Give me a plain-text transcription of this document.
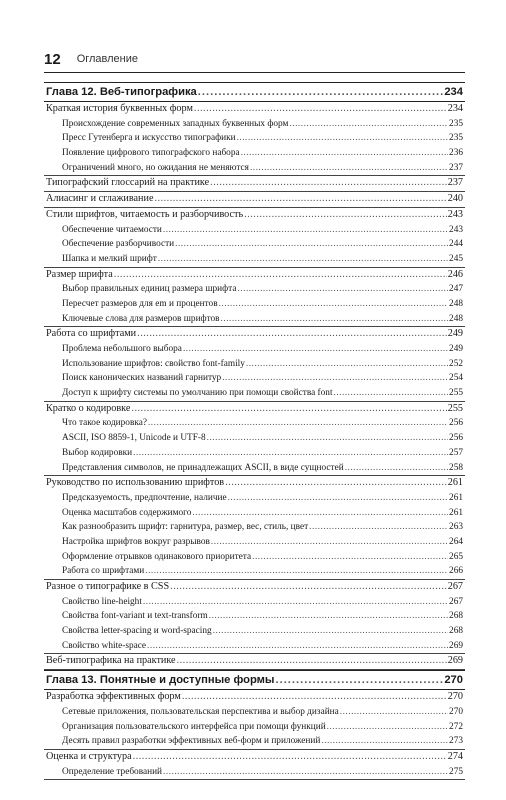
12 Оглавление
Глава 12. Веб-типографика .....	234
Краткая история буквенных форм .....	234
Происхождение современных западных буквенных форм .....	235
Пресс Гутенберга и искусство типографики .....	235
Появление цифрового типографского набора .....	236
Ограничений много, но ожидания не меняются .....	237
Типографский глоссарий на практике .....	237
Алиасинг и сглаживание .....	240
Стили шрифтов, читаемость и разборчивость .....	243
Обеспечение читаемости .....	243
Обеспечение разборчивости .....	244
Шапка и мелкий шрифт .....	245
Размер шрифта .....	246
Выбор правильных единиц размера шрифта .....	247
Пересчет размеров для em и процентов .....	248
Ключевые слова для размеров шрифтов .....	248
Работа со шрифтами .....	249
Проблема небольшого выбора .....	249
Использование шрифтов: свойство font-family .....	252
Поиск канонических названий гарнитур .....	254
Доступ к шрифту системы по умолчанию при помощи свойства font .....	255
Кратко о кодировке .....	255
Что такое кодировка? .....	256
ASCII, ISO 8859-1, Unicode и UTF-8 .....	256
Выбор кодировки .....	257
Представления символов, не принадлежащих ASCII, в виде сущностей .....	258
Руководство по использованию шрифтов .....	261
Предсказуемость, предпочтение, наличие .....	261
Оценка масштабов содержимого .....	261
Как разнообразить шрифт: гарнитура, размер, вес, стиль, цвет .....	263
Настройка шрифтов вокруг разрывов .....	264
Оформление отрывков одинакового приоритета .....	265
Работа со шрифтами .....	266
Разное о типографике в CSS .....	267
Свойство line-height .....	267
Свойства font-variant и text-transform .....	268
Свойства letter-spacing и word-spacing .....	268
Свойство white-space .....	269
Веб-типографика на практике .....	269
Глава 13. Понятные и доступные формы .....	270
Разработка эффективных форм .....	270
Сетевые приложения, пользовательская перспектива и выбор дизайна .....	270
Организация пользовательского интерфейса при помощи функций .....	272
Десять правил разработки эффективных веб-форм и приложений .....	273
Оценка и структура .....	274
Определение требований .....	275
